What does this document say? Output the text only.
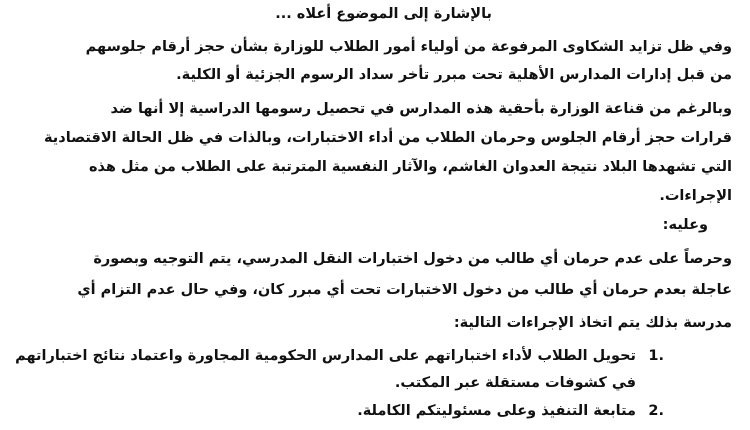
بالإشارة إلى الموضوع أعلاه ...
وفي ظل تزايد الشكاوى المرفوعة من أولياء أمور الطلاب للوزارة بشأن حجز أرقام جلوسهم
من قبل إدارات المدارس الأهلية تحت مبرر تأخر سداد الرسوم الجزئية أو الكلية.
وبالرغم من قناعة الوزارة بأحقية هذه المدارس في تحصيل رسومها الدراسية إلا أنها ضد
قرارات حجز أرقام الجلوس وحرمان الطلاب من أداء الاختبارات، وبالذات في ظل الحالة الاقتصادية
التي تشهدها البلاد نتيجة العدوان الغاشم، والآثار النفسية المترتبة على الطلاب من مثل هذه
الإجراءات.
وعليه:
وحرصاً على عدم حرمان أي طالب من دخول اختبارات النقل المدرسي، يتم التوجيه وبصورة
عاجلة بعدم حرمان أي طالب من دخول الاختبارات تحت أي مبرر كان، وفي حال عدم التزام أي
مدرسة بذلك يتم اتخاذ الإجراءات التالية:
1.
تحويل الطلاب لأداء اختباراتهم على المدارس الحكومية المجاورة واعتماد نتائج اختباراتهم
في كشوفات مستقلة عبر المكتب.
2.
متابعة التنفيذ وعلى مسئوليتكم الكاملة.
